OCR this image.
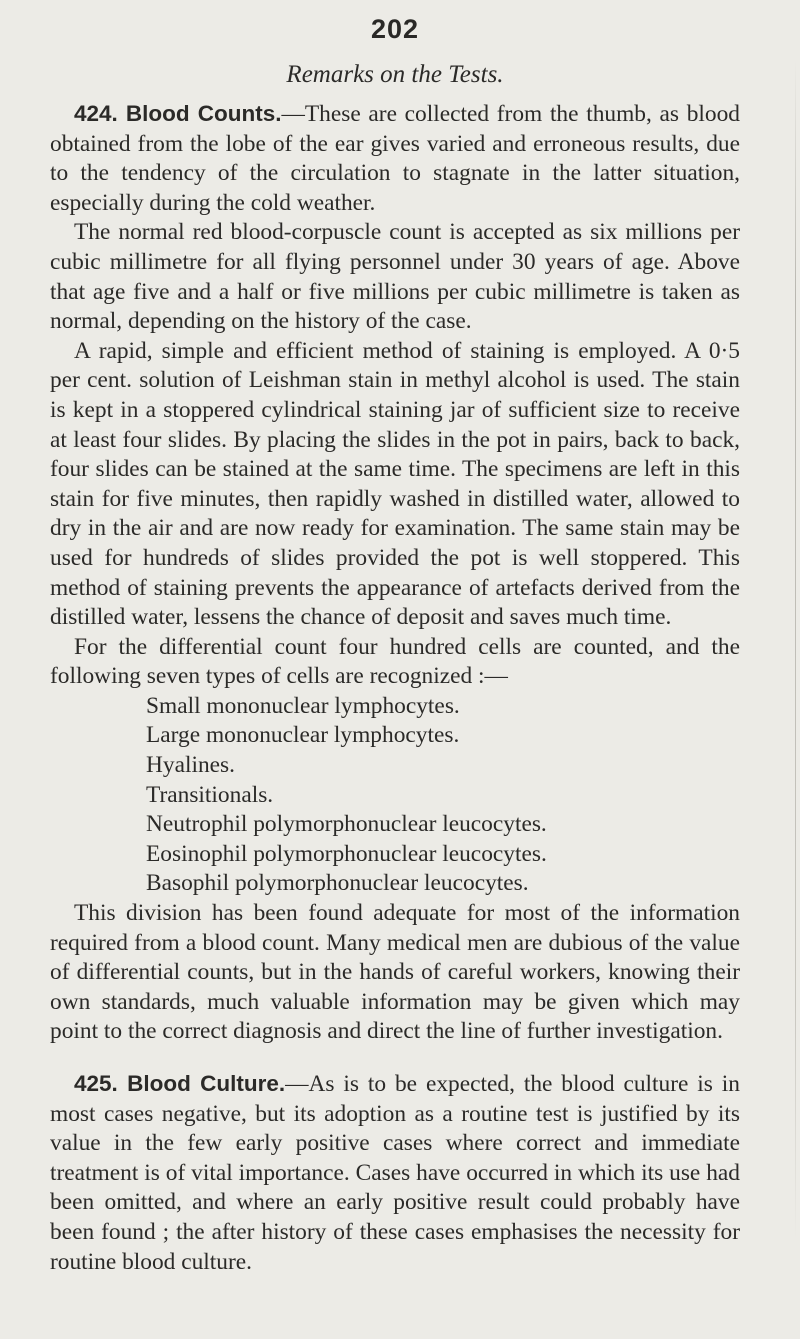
202
Remarks on the Tests.

424. Blood Counts.—These are collected from the thumb, as blood obtained from the lobe of the ear gives varied and erroneous results, due to the tendency of the circulation to stagnate in the latter situation, especially during the cold weather.

The normal red blood-corpuscle count is accepted as six millions per cubic millimetre for all flying personnel under 30 years of age. Above that age five and a half or five millions per cubic millimetre is taken as normal, depending on the history of the case.

A rapid, simple and efficient method of staining is employed. A 0·5 per cent. solution of Leishman stain in methyl alcohol is used. The stain is kept in a stoppered cylindrical staining jar of sufficient size to receive at least four slides. By placing the slides in the pot in pairs, back to back, four slides can be stained at the same time. The specimens are left in this stain for five minutes, then rapidly washed in distilled water, allowed to dry in the air and are now ready for examination. The same stain may be used for hundreds of slides provided the pot is well stoppered. This method of staining prevents the appearance of artefacts derived from the distilled water, lessens the chance of deposit and saves much time.

For the differential count four hundred cells are counted, and the following seven types of cells are recognized :—

Small mononuclear lymphocytes.
Large mononuclear lymphocytes.
Hyalines.
Transitionals.
Neutrophil polymorphonuclear leucocytes.
Eosinophil polymorphonuclear leucocytes.
Basophil polymorphonuclear leucocytes.

This division has been found adequate for most of the information required from a blood count. Many medical men are dubious of the value of differential counts, but in the hands of careful workers, knowing their own standards, much valuable information may be given which may point to the correct diagnosis and direct the line of further investigation.

425. Blood Culture.—As is to be expected, the blood culture is in most cases negative, but its adoption as a routine test is justified by its value in the few early positive cases where correct and immediate treatment is of vital importance. Cases have occurred in which its use had been omitted, and where an early positive result could probably have been found ; the after history of these cases emphasises the necessity for routine blood culture.
